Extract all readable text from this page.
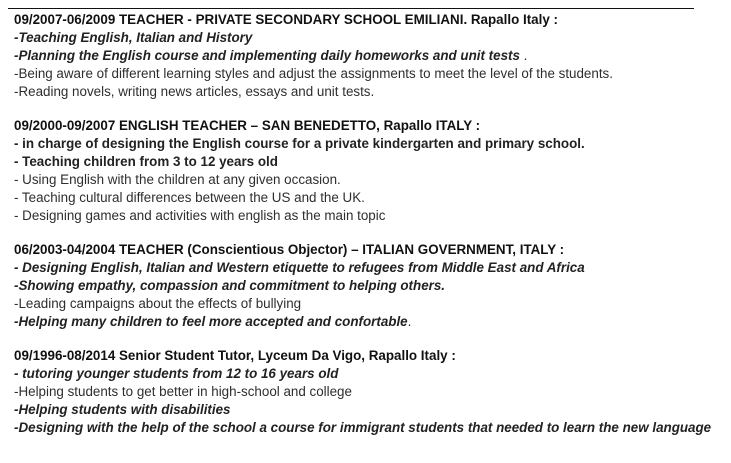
09/2007-06/2009 TEACHER - PRIVATE SECONDARY SCHOOL EMILIANI. Rapallo Italy :
-Teaching English, Italian and History
-Planning the English course and implementing daily homeworks and unit tests .
-Being aware of different learning styles and adjust the assignments to meet the level of the students.
-Reading novels, writing news articles, essays and unit tests.
09/2000-09/2007 ENGLISH TEACHER – SAN BENEDETTO, Rapallo ITALY :
- in charge of designing the English course for a private kindergarten and primary school.
- Teaching children from 3 to 12 years old
- Using English with the children at any given occasion.
- Teaching cultural differences between the US and the UK.
- Designing games and activities with english as the main topic
06/2003-04/2004 TEACHER (Conscientious Objector) – ITALIAN GOVERNMENT, ITALY :
- Designing English, Italian and Western etiquette to refugees from Middle East and Africa
-Showing empathy, compassion and commitment to helping others.
-Leading campaigns about the effects of bullying
-Helping many children to feel more accepted and confortable.
09/1996-08/2014 Senior Student Tutor, Lyceum Da Vigo, Rapallo Italy :
- tutoring younger students from 12 to 16 years old
-Helping students to get better in high-school and college
-Helping students with disabilities
-Designing with the help of the school a course for immigrant students that needed to learn the new language
